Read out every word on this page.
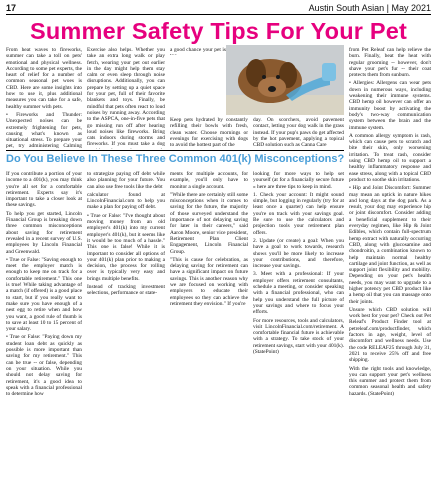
17	Austin South Asian | May 2021
Summer Safety Tips For Your Pet

From heat waves to fireworks, summer can take a toll on pets' emotional and physical wellness. According to some pet experts, the heart of relief for a number of common seasonal pet woes is CBD. Here are some insights into how to use it, plus additional measures you can take for a safe, healthy summer with pets.

• Fireworks and Thunder: Unexpected noises can be extremely frightening for pets, causing what's known as situational stress. To prepare your pet, try administering Calming

Exercise also helps. Whether you take an extra long walk or play fetch, wearing your pet out earlier in the day might help them stay calm or even sleep through noise disruptions. Additionally, you can prepare by setting up a quiet space for your pet, full of their favorite blankets and toys. Finally, be mindful that pets often react to loud noises by running away. According to the ASPCA, one-in-five pets that go missing run off after hearing loud noises like fireworks. Bring cats indoors during storms and fireworks. If you must take a dog

a good chance your pet is

Keep pets hydrated by constantly refilling their bowls with fresh, clean water. Choose mornings or evenings for exercising with dogs to avoid the hottest part of the

day. On scorchers, avoid pavement contact, letting your dog walk in the grass instead. If your pup's paws do get affected by the hot pavement, applying a topical CBD solution such as Canna Care

from Pet Releaf can help relieve the burn. Finally, beat the heat with regular grooming -- however, don't shave your pet's fur -- their coat protects them from sunburn.

• Allergies: Allergens can wear pets down in numerous ways, including weakening their immune systems. CBD hemp oil however can offer an immunity boost by activating the body's two-way communication system between the brain and the immune system.

A common allergy symptom is rash, which can cause pets to scratch and bite their skin, only worsening irritation. To treat rash, consider using CBD hemp oil to support a healthy inflammatory response and ease stress, along with a topical CBD product to soothe skin irritations.

• Hip and Joint Discomfort: Summer may mean an uptick in nature hikes and long days at the dog park. As a result, your dog may experience hip or joint discomfort. Consider adding a beneficial supplement to their everyday regimen, like Hip & Joint Edibles, which contain full-spectrum hemp extract with naturally occurring CBD, along with glucosamine and chondroitin, a combination known to help maintain normal healthy cartilage and joint function, as well as support joint flexibility and mobility. Depending on your pet's health needs, you may want to upgrade to a higher potency pet CBD product like a hemp oil that you can massage onto their joints.

Unsure which CBD solution will work best for your pet? Check out Pet Releaf's Product Finder tool at petreleaf.com/productfinder, which factors in age, weight, level of discomfort and wellness needs. Use the code RELEAF25 through July 31, 2021 to receive 25% off and free shipping.

With the right tools and knowledge, you can support your pet's wellness this summer and protect them from common seasonal health and safety hazards. (StatePoint)

Do You Believe In These Three Common 401(k) Misconceptions?

If you contribute a portion of your income to a 401(k), you may think you're all set for a comfortable retirement. Experts say it's important to take a closer look at these savings.

To help you get started, Lincoln Financial Group is breaking down three common misconceptions about saving for retirement revealed in a recent survey of U.S. employees by Lincoln Financial and Greenwald.

• True or False: "Saving enough to meet the employer match is enough to keep me on track for a comfortable retirement." This one is true! While taking advantage of a match (if offered) is a good place to start, but if you really want to make sure you have enough of a nest egg to retire when and how you want, a good rule of thumb is to save at least 10 to 15 percent of your salary.

• True or False: "Paying down my student loan debt as quickly as possible is more important than saving for my retirement." This can be true -- or false, depending on your situation. While you should not delay saving for retirement, it's a good idea to speak with a financial professional to determine how

to strategize paying off debt while also planning for your future. You can also use free tools like the debt

calculator found at LincolnFinancial.com to help you make a plan for paying off debt.

• True or False: "I've thought about moving money from an old employer's 401(k) into my current employer's 401(k), but it seems like it would be too much of a hassle." This one is false! While it is important to consider all options of your 401(k) plan prior to making a decision, the process for rolling over is typically very easy and brings multiple benefits.

Instead of tracking investment selections, performance or state-

ments for multiple accounts, for example, you'll only have to monitor a single account.

"While there are certainly still some misconceptions when it comes to saving for the future, the majority of those surveyed understand the importance of not delaying saving for later in their careers," said Aaron Moore, senior vice president, Retirement Plan Client Engagement, Lincoln Financial Group.

"This is cause for celebration, as delaying saving for retirement can have a significant impact on future savings. This is another reason why we are focused on working with employers to educate their employees so they can achieve the retirement they envision." If you're

looking for more ways to help set yourself (at for a financially secure future » here are three tips to keep in mind.

1. Check your account: It might sound simple, but logging in regularly (try for at least once a quarter) can help ensure you're on track with your savings goal. Be sure to use the calculators and projection tools your retirement plan offers.

2. Update (or create) a goal: When you have a goal to work towards, research shows you'll be more likely to increase your contributions, and therefore, increase your savings.

3. Meet with a professional: If your employer offers retirement consultants, schedule a meeting, or consider speaking with a financial professional, who can help you understand the full picture of your savings and where to focus your efforts.

For more resources, tools and calculators, visit LincolnFinancial.com/retirement. A comfortable financial future is achievable with a strategy. To take stock of your retirement savings, start with your 401(k). (StatePoint)
